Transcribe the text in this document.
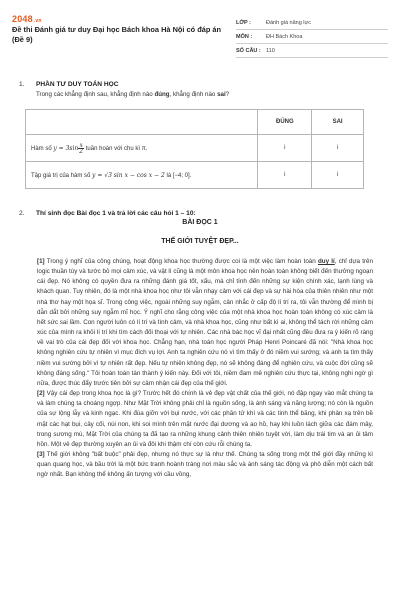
2048.vn
Đề thi Đánh giá tư duy Đại học Bách khoa Hà Nội có đáp án (Đề 9)
LỚP :	Đánh giá năng lực
MÔN :	ĐH Bách Khoa
SỐ CÂU : 110
1.	PHẦN TƯ DUY TOÁN HỌC
Trong các khẳng định sau, khẳng định nào đúng, khẳng định nào sai?
	ĐÚNG	SAI
Hàm số $y = 3\sin \frac{x}{2}$ tuần hoàn với chu kì π.	i	i
Tập giá trị của hàm số y = √3 sin x − cos x − 2 là [−4; 0].	i	i
2.	Thí sinh đọc Bài đọc 1 và trả lời các câu hỏi 1 – 10:
BÀI ĐỌC 1
THẾ GIỚI TUYỆT ĐẸP...

[1] Trong ý nghĩ của công chúng, hoạt động khoa học thường được coi là một việc làm hoàn toàn duy lí, chỉ dựa trên logic thuần túy và tước bỏ mọi cảm xúc, và vật lí cũng là một môn khoa học nên hoàn toàn không biết đến thưởng ngoạn cái đẹp. Nó không có quyền đưa ra những đánh giá tốt, xấu, mà chỉ tính đến những sự kiện chính xác, lạnh lùng và khách quan. Tuy nhiên, đó là một nhà khoa học như tôi vẫn nhạy cảm với cái đẹp và sự hài hòa của thiên nhiên như một nhà thơ hay một họa sĩ. Trong công việc, ngoài những suy ngẫm, cân nhắc ở cấp độ lí trí ra, tôi vẫn thường để mình bị dẫn dắt bởi những suy ngẫm mĩ học. Ý nghĩ cho rằng công việc của một nhà khoa học hoàn toàn không có xúc cảm là hết sức sai lầm. Con người luôn có lí trí và tình cảm, và nhà khoa học, cũng như bất kì ai, không thể tách rời những cảm xúc của mình ra khỏi lí trí khi tìm cách đối thoại với tự nhiên. Các nhà bác học vĩ đại nhất cũng đều đưa ra ý kiến rõ ràng về vai trò của cái đẹp đối với khoa học. Chẳng hạn, nhà toán học người Pháp Henri Poincaré đã nói: "Nhà khoa học không nghiên cứu tự nhiên vì mục đích vụ lợi. Anh ta nghiên cứu nó vì tìm thấy ở đó niềm vui sướng; và anh ta tìm thấy niềm vui sướng bởi vì tự nhiên rất đẹp. Nếu tự nhiên không đẹp, nó sẽ không đáng để nghiên cứu, và cuộc đời cũng sẽ không đáng sống." Tôi hoàn toàn tán thành ý kiến này. Đối với tôi, niềm đam mê nghiên cứu thực tại, không nghi ngờ gì nữa, được thúc đẩy trước tiên bởi sự cảm nhận cái đẹp của thế giới.

[2] Vậy cái đẹp trong khoa học là gì? Trước hết đó chính là vẻ đẹp vật chất của thế giới, nó đập ngay vào mắt chúng ta và làm chúng ta choáng ngợp. Như Mặt Trời không phải chỉ là nguồn sống, là ánh sáng và năng lượng; nó còn là nguồn của sự lộng lẫy và kinh ngạc. Khi đùa giỡn với bụi nước, với các phân tử khí và các tinh thể băng, khi phản xạ trên bề mặt các hạt bụi, cây cối, núi non, khi soi mình trên mặt nước đại dương và ao hồ, hay khi luồn lách giữa các đám mây, trong sương mù, Mặt Trời của chúng ta đã tạo ra những khung cảnh thiên nhiên tuyệt vời, làm dịu trái tim và an ủi tâm hồn. Một vẻ đẹp thường xuyên an ủi và đôi khi thậm chí còn cứu rỗi chúng ta.

[3] Thế giới không "bất buộc" phải đẹp, nhưng nó thực sự là như thế. Chúng ta sống trong một thế giới đầy những kì quan quang học, và bầu trời là một bức tranh hoành tráng nơi màu sắc và ánh sáng tác động và phô diễn một cách bất ngờ nhất. Bạn không thể không ấn tượng với cầu vồng,
